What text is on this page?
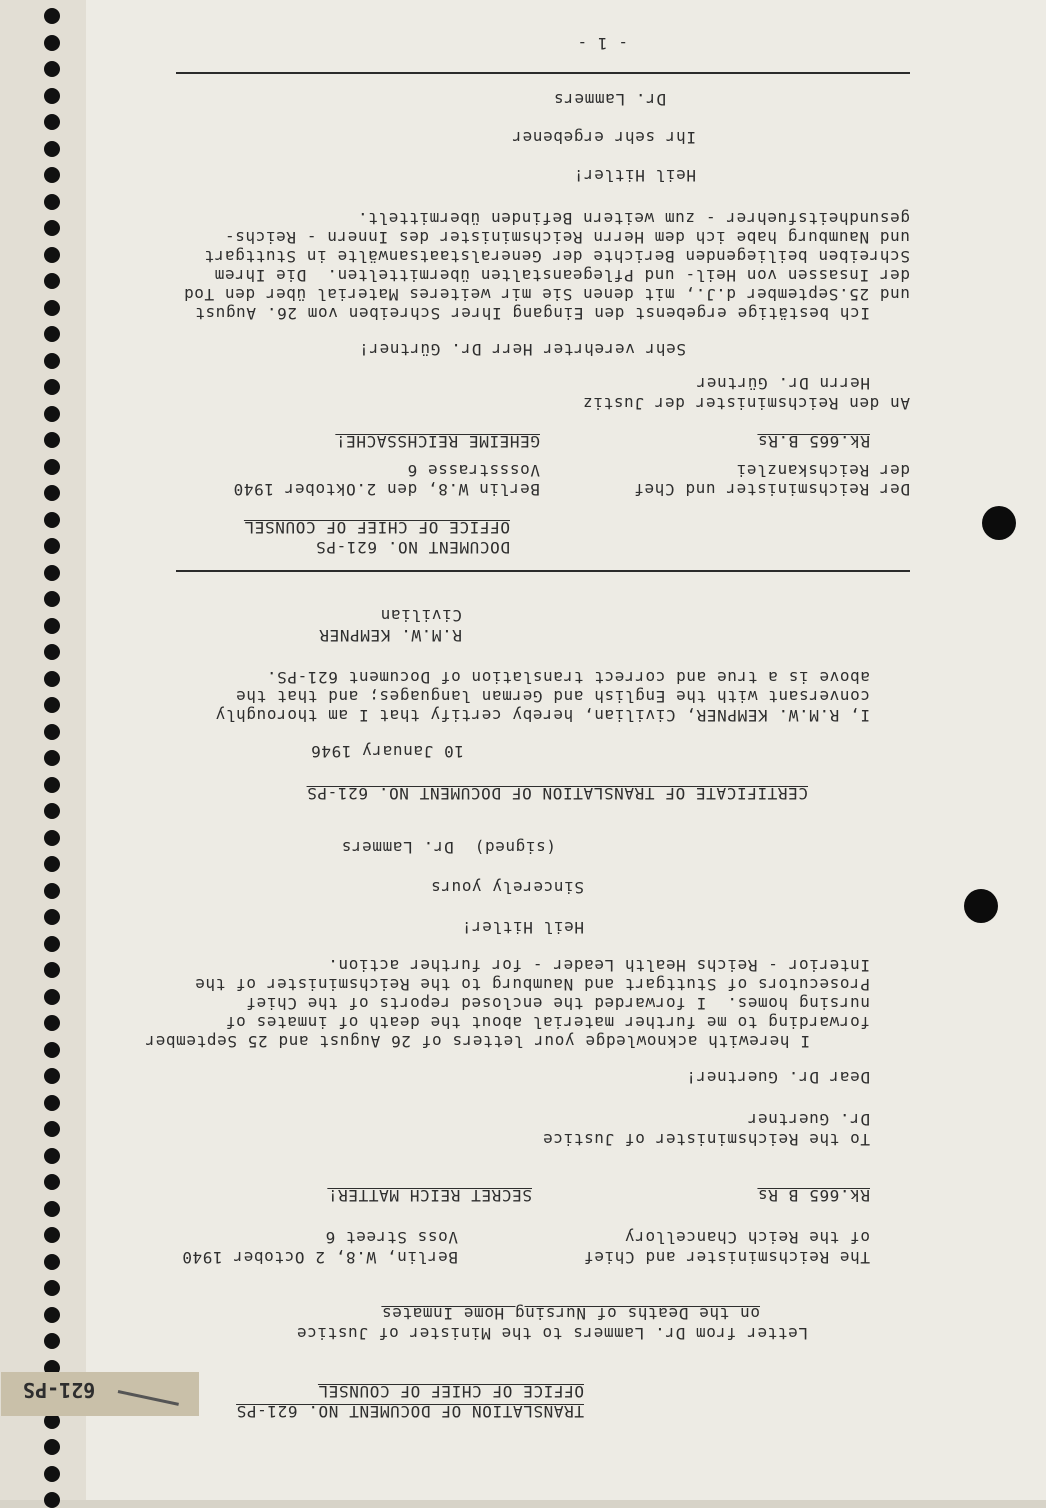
621-PS
TRANSLATION OF DOCUMENT NO. 621-PS
OFFICE OF CHIEF OF COUNSEL
Letter from Dr. Lammers to the Minister of Justice
on the Deaths of Nursing Home Inmates
The Reichsminister and Chief
of the Reich Chancellory
Berlin, W.8, 2 October 1940
Voss Street 6
Rk.665 B Rs
SECRET REICH MATTER!
To the Reichsminister of Justice
Dr. Guertner
Dear Dr. Guertner!
I herewith acknowledge your letters of 26 August and 25 September
forwarding to me further material about the death of inmates of
nursing homes.  I forwarded the enclosed reports of the Chief
Prosecutors of Stuttgart and Naumburg to the Reichsminister of the
Interior - Reichs Health Leader - for further action.
Heil Hitler!
Sincerely yours
(signed)  Dr. Lammers
CERTIFICATE OF TRANSLATION OF DOCUMENT NO. 621-PS
10 January 1946
I, R.M.W. KEMPNER, Civilian, hereby certify that I am thoroughly
conversant with the English and German languages; and that the
above is a true and correct translation of Document 621-PS.
R.M.W. KEMPNER
Civilian
DOCUMENT NO. 621-PS
OFFICE OF CHIEF OF COUNSEL
Der Reichsminister und Chef
der Reichskanzlei
Berlin W.8, den 2.Oktober 1940
Vossstrasse 6
Rk.665 B.Rs
GEHEIME REICHSSACHE!
An den Reichsminister der Justiz
Herrn Dr. Gürtner
Sehr verehrter Herr Dr. Gürtner!
Ich bestätige ergebenst den Eingang Ihrer Schreiben vom 26. August
und 25.September d.J., mit denen Sie mir weiteres Material über den Tod
der Insassen von Heil- und Pflegeanstalten übermittelten.  Die Ihrem
Schreiben beiliegenden Berichte der Generalstaatsanwälte in Stuttgart
und Naumburg habe ich dem Herrn Reichsminister des Innern - Reichs-
gesundheitsfuehrer - zum weitern Befinden übermittelt.
Heil Hitler!
Ihr sehr ergebener
Dr. Lammers
- 1 -
